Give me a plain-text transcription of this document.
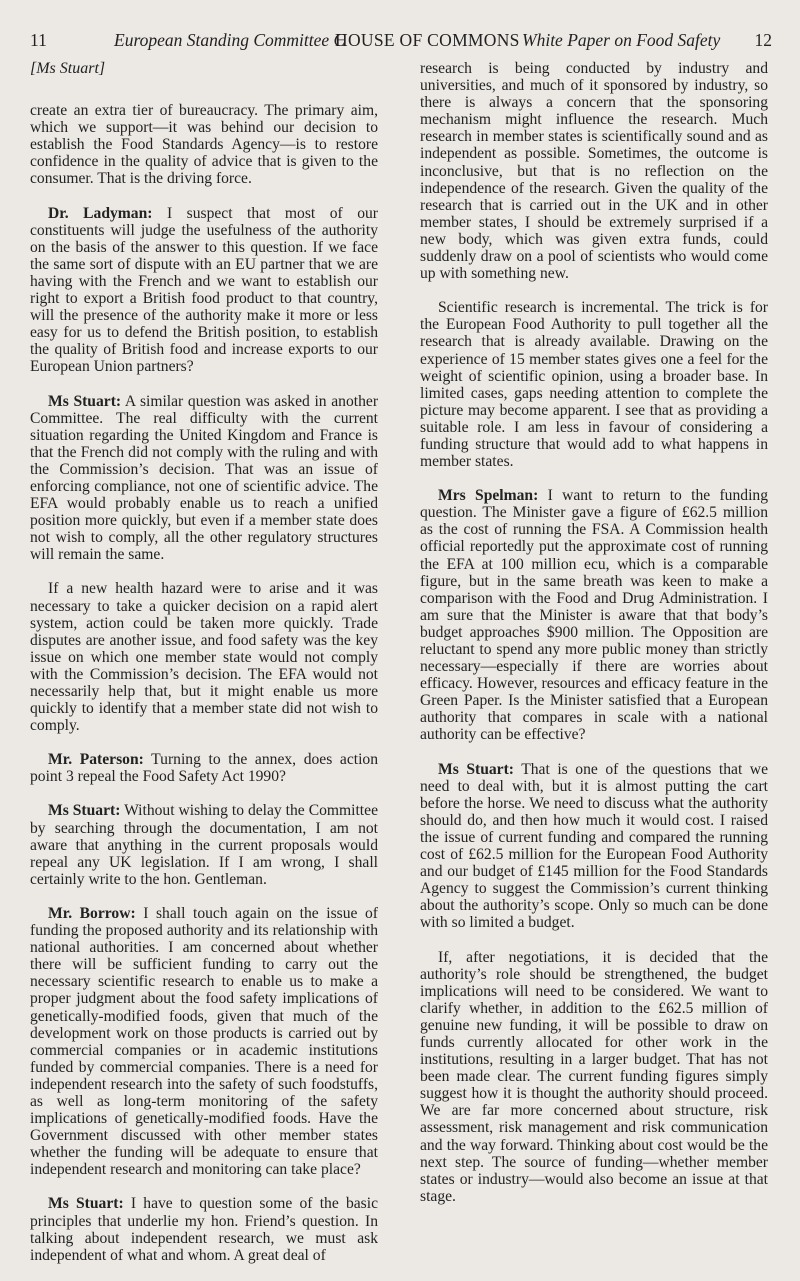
11	European Standing Committee C
HOUSE OF COMMONS White Paper on Food Safety 12
[Ms Stuart]

create an extra tier of bureaucracy. The primary aim, which we support—it was behind our decision to establish the Food Standards Agency—is to restore confidence in the quality of advice that is given to the consumer. That is the driving force.

Dr. Ladyman: I suspect that most of our constituents will judge the usefulness of the authority on the basis of the answer to this question. If we face the same sort of dispute with an EU partner that we are having with the French and we want to establish our right to export a British food product to that country, will the presence of the authority make it more or less easy for us to defend the British position, to establish the quality of British food and increase exports to our European Union partners?

Ms Stuart: A similar question was asked in another Committee. The real difficulty with the current situation regarding the United Kingdom and France is that the French did not comply with the ruling and with the Commission’s decision. That was an issue of enforcing compliance, not one of scientific advice. The EFA would probably enable us to reach a unified position more quickly, but even if a member state does not wish to comply, all the other regulatory structures will remain the same.

If a new health hazard were to arise and it was necessary to take a quicker decision on a rapid alert system, action could be taken more quickly. Trade disputes are another issue, and food safety was the key issue on which one member state would not comply with the Commission’s decision. The EFA would not necessarily help that, but it might enable us more quickly to identify that a member state did not wish to comply.

Mr. Paterson: Turning to the annex, does action point 3 repeal the Food Safety Act 1990?

Ms Stuart: Without wishing to delay the Committee by searching through the documentation, I am not aware that anything in the current proposals would repeal any UK legislation. If I am wrong, I shall certainly write to the hon. Gentleman.

Mr. Borrow: I shall touch again on the issue of funding the proposed authority and its relationship with national authorities. I am concerned about whether there will be sufficient funding to carry out the necessary scientific research to enable us to make a proper judgment about the food safety implications of genetically-modified foods, given that much of the development work on those products is carried out by commercial companies or in academic institutions funded by commercial companies. There is a need for independent research into the safety of such foodstuffs, as well as long-term monitoring of the safety implications of genetically-modified foods. Have the Government discussed with other member states whether the funding will be adequate to ensure that independent research and monitoring can take place?

Ms Stuart: I have to question some of the basic principles that underlie my hon. Friend’s question. In talking about independent research, we must ask independent of what and whom. A great deal of

research is being conducted by industry and universities, and much of it sponsored by industry, so there is always a concern that the sponsoring mechanism might influence the research. Much research in member states is scientifically sound and as independent as possible. Sometimes, the outcome is inconclusive, but that is no reflection on the independence of the research. Given the quality of the research that is carried out in the UK and in other member states, I should be extremely surprised if a new body, which was given extra funds, could suddenly draw on a pool of scientists who would come up with something new.

Scientific research is incremental. The trick is for the European Food Authority to pull together all the research that is already available. Drawing on the experience of 15 member states gives one a feel for the weight of scientific opinion, using a broader base. In limited cases, gaps needing attention to complete the picture may become apparent. I see that as providing a suitable role. I am less in favour of considering a funding structure that would add to what happens in member states.

Mrs Spelman: I want to return to the funding question. The Minister gave a figure of £62.5 million as the cost of running the FSA. A Commission health official reportedly put the approximate cost of running the EFA at 100 million ecu, which is a comparable figure, but in the same breath was keen to make a comparison with the Food and Drug Administration. I am sure that the Minister is aware that that body’s budget approaches $900 million. The Opposition are reluctant to spend any more public money than strictly necessary—especially if there are worries about efficacy. However, resources and efficacy feature in the Green Paper. Is the Minister satisfied that a European authority that compares in scale with a national authority can be effective?

Ms Stuart: That is one of the questions that we need to deal with, but it is almost putting the cart before the horse. We need to discuss what the authority should do, and then how much it would cost. I raised the issue of current funding and compared the running cost of £62.5 million for the European Food Authority and our budget of £145 million for the Food Standards Agency to suggest the Commission’s current thinking about the authority’s scope. Only so much can be done with so limited a budget.

If, after negotiations, it is decided that the authority’s role should be strengthened, the budget implications will need to be considered. We want to clarify whether, in addition to the £62.5 million of genuine new funding, it will be possible to draw on funds currently allocated for other work in the institutions, resulting in a larger budget. That has not been made clear. The current funding figures simply suggest how it is thought the authority should proceed. We are far more concerned about structure, risk assessment, risk management and risk communication and the way forward. Thinking about cost would be the next step. The source of funding—whether member states or industry—would also become an issue at that stage.
